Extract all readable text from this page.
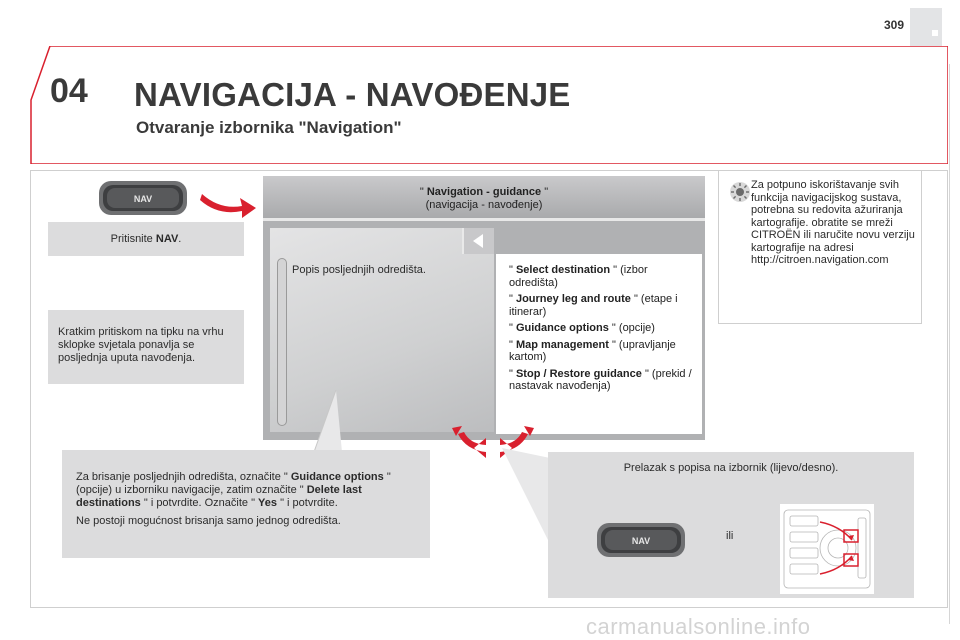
309
04 NAVIGACIJA - NAVOĐENJE
Otvaranje izbornika "Navigation"
NAV
Pritisnite NAV.
Kratkim pritiskom na tipku na vrhu sklopke svjetala ponavlja se posljednja uputa navođenja.
" Navigation - guidance "
(navigacija - navođenje)
Popis posljednjih odredišta.	" Select destination " (izbor odredišta)
" Journey leg and route " (etape i itinerar)
" Guidance options " (opcije)
" Map management " (upravljanje kartom)
" Stop / Restore guidance " (prekid / nastavak navođenja)
Za potpuno iskorištavanje svih funkcija navigacijskog sustava, potrebna su redovita ažuriranja kartografije. obratite se mreži CITROËN ili naručite novu verziju kartografije na adresi http://citroen.navigation.com

Za brisanje posljednjih odredišta, označite " Guidance options " (opcije) u izborniku navigacije, zatim označite " Delete last destinations " i potvrdite. Označite " Yes " i potvrdite.

Ne postoji mogućnost brisanja samo jednog odredišta.

Prelazak s popisa na izbornik (lijevo/desno).
ili
NAV
carmanualsonline.info
